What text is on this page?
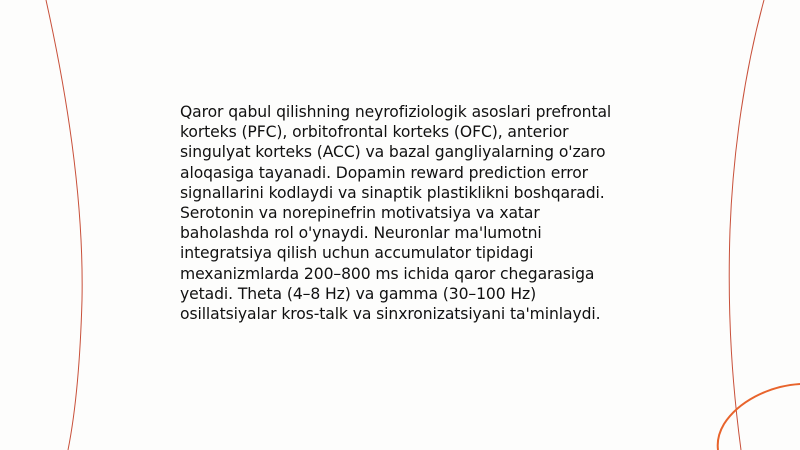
Qaror qabul qilishning neyrofiziologik asoslari prefrontal korteks (PFC), orbitofrontal korteks (OFC), anterior singulyat korteks (ACC) va bazal gangliyalarning o'zaro aloqasiga tayanadi. Dopamin reward prediction error signallarini kodlaydi va sinaptik plastiklikni boshqaradi. Serotonin va norepinefrin motivatsiya va xatar baholashda rol o'ynaydi. Neuronlar ma'lumotni integratsiya qilish uchun accumulator tipidagi mexanizmlarda 200–800 ms ichida qaror chegarasiga yetadi. Theta (4–8 Hz) va gamma (30–100 Hz) osillatsiyalar kros-talk va sinxronizatsiyani ta'minlaydi.
